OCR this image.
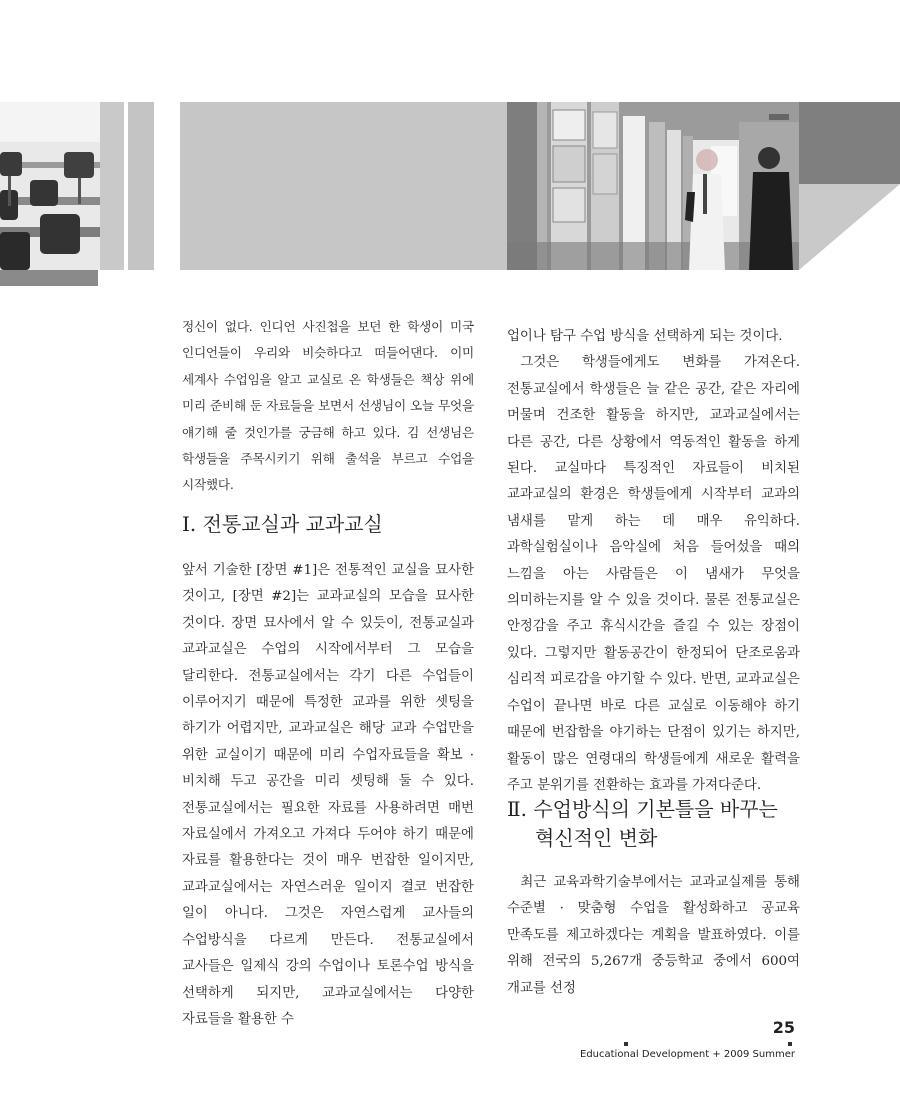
정신이 없다. 인디언 사진첩을 보던 한 학생이 미국 인디언들이 우리와 비슷하다고 떠들어댄다. 이미 세계사 수업임을 알고 교실로 온 학생들은 책상 위에 미리 준비해 둔 자료들을 보면서 선생님이 오늘 무엇을 얘기해 줄 것인가를 궁금해 하고 있다. 김 선생님은 학생들을 주목시키기 위해 출석을 부르고 수업을 시작했다.

Ⅰ. 전통교실과 교과교실

앞서 기술한 [장면 #1]은 전통적인 교실을 묘사한 것이고, [장면 #2]는 교과교실의 모습을 묘사한 것이다. 장면 묘사에서 알 수 있듯이, 전통교실과 교과교실은 수업의 시작에서부터 그 모습을 달리한다. 전통교실에서는 각기 다른 수업들이 이루어지기 때문에 특정한 교과를 위한 셋팅을 하기가 어렵지만, 교과교실은 해당 교과 수업만을 위한 교실이기 때문에 미리 수업자료들을 확보 · 비치해 두고 공간을 미리 셋팅해 둘 수 있다. 전통교실에서는 필요한 자료를 사용하려면 매번 자료실에서 가져오고 가져다 두어야 하기 때문에 자료를 활용한다는 것이 매우 번잡한 일이지만, 교과교실에서는 자연스러운 일이지 결코 번잡한 일이 아니다. 그것은 자연스럽게 교사들의 수업방식을 다르게 만든다. 전통교실에서 교사들은 일제식 강의 수업이나 토론수업 방식을 선택하게 되지만, 교과교실에서는 다양한 자료들을 활용한 수

업이나 탐구 수업 방식을 선택하게 되는 것이다.

그것은 학생들에게도 변화를 가져온다. 전통교실에서 학생들은 늘 같은 공간, 같은 자리에 머물며 건조한 활동을 하지만, 교과교실에서는 다른 공간, 다른 상황에서 역동적인 활동을 하게 된다. 교실마다 특징적인 자료들이 비치된 교과교실의 환경은 학생들에게 시작부터 교과의 냄새를 맡게 하는 데 매우 유익하다. 과학실험실이나 음악실에 처음 들어섰을 때의 느낌을 아는 사람들은 이 냄새가 무엇을 의미하는지를 알 수 있을 것이다. 물론 전통교실은 안정감을 주고 휴식시간을 즐길 수 있는 장점이 있다. 그렇지만 활동공간이 한정되어 단조로움과 심리적 피로감을 야기할 수 있다. 반면, 교과교실은 수업이 끝나면 바로 다른 교실로 이동해야 하기 때문에 번잡함을 야기하는 단점이 있기는 하지만, 활동이 많은 연령대의 학생들에게 새로운 활력을 주고 분위기를 전환하는 효과를 가져다준다.

Ⅱ. 수업방식의 기본틀을 바꾸는
혁신적인 변화

최근 교육과학기술부에서는 교과교실제를 통해 수준별 · 맞춤형 수업을 활성화하고 공교육 만족도를 제고하겠다는 계획을 발표하였다. 이를 위해 전국의 5,267개 중등학교 중에서 600여 개교를 선정

25
Educational Development + 2009 Summer
